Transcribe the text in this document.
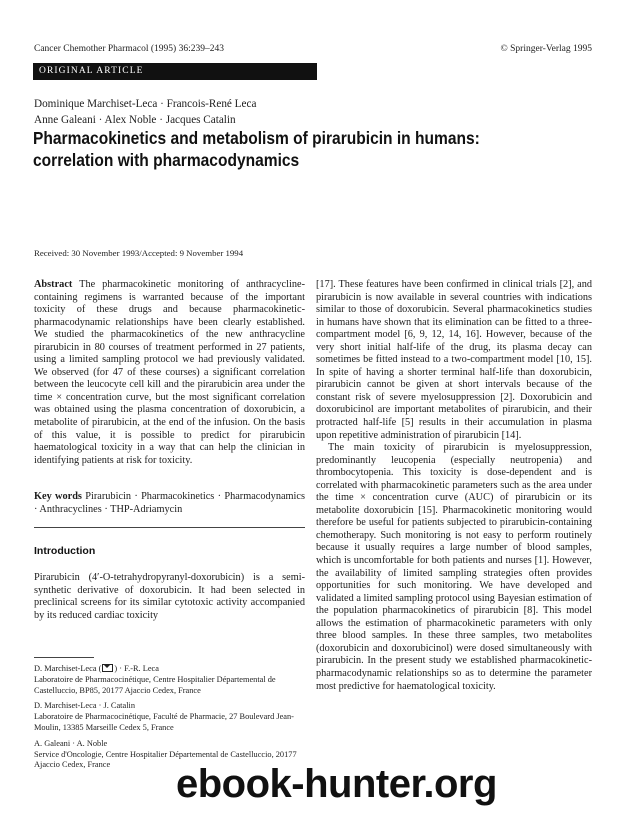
Cancer Chemother Pharmacol (1995) 36:239–243	© Springer-Verlag 1995
ORIGINAL ARTICLE
Dominique Marchiset-Leca · Francois-René Leca
Anne Galeani · Alex Noble · Jacques Catalin
Pharmacokinetics and metabolism of pirarubicin in humans:
correlation with pharmacodynamics
Received: 30 November 1993/Accepted: 9 November 1994

Abstract The pharmacokinetic monitoring of anthracycline-containing regimens is warranted because of the important toxicity of these drugs and because pharmacokinetic-pharmacodynamic relationships have been clearly established. We studied the pharmacokinetics of the new anthracycline pirarubicin in 80 courses of treatment performed in 27 patients, using a limited sampling protocol we had previously validated. We observed (for 47 of these courses) a significant correlation between the leucocyte cell kill and the pirarubicin area under the time × concentration curve, but the most significant correlation was obtained using the plasma concentration of doxorubicin, a metabolite of pirarubicin, at the end of the infusion. On the basis of this value, it is possible to predict for pirarubicin haematological toxicity in a way that can help the clinician in identifying patients at risk for toxicity.

Key words Pirarubicin · Pharmacokinetics · Pharmacodynamics · Anthracyclines · THP-Adriamycin

Introduction

Pirarubicin (4′-O-tetrahydropyranyl-doxorubicin) is a semi-synthetic derivative of doxorubicin. It had been selected in preclinical screens for its similar cytotoxic activity accompanied by its reduced cardiac toxicity

D. Marchiset-Leca ( ) · F.-R. Leca
Laboratoire de Pharmacocinétique, Centre Hospitalier Départemental de Castelluccio, BP85, 20177 Ajaccio Cedex, France

D. Marchiset-Leca · J. Catalin
Laboratoire de Pharmacocinétique, Faculté de Pharmacie, 27 Boulevard Jean-Moulin, 13385 Marseille Cedex 5, France

A. Galeani · A. Noble
Service d'Oncologie, Centre Hospitalier Départemental de Castelluccio, 20177 Ajaccio Cedex, France

[17]. These features have been confirmed in clinical trials [2], and pirarubicin is now available in several countries with indications similar to those of doxorubicin. Several pharmacokinetics studies in humans have shown that its elimination can be fitted to a three-compartment model [6, 9, 12, 14, 16]. However, because of the very short initial half-life of the drug, its plasma decay can sometimes be fitted instead to a two-compartment model [10, 15]. In spite of having a shorter terminal half-life than doxorubicin, pirarubicin cannot be given at short intervals because of the constant risk of severe myelosuppression [2]. Doxorubicin and doxorubicinol are important metabolites of pirarubicin, and their protracted half-life [5] results in their accumulation in plasma upon repetitive administration of pirarubicin [14].

The main toxicity of pirarubicin is myelosuppression, predominantly leucopenia (especially neutropenia) and thrombocytopenia. This toxicity is dose-dependent and is correlated with pharmacokinetic parameters such as the area under the time × concentration curve (AUC) of pirarubicin or its metabolite doxorubicin [15]. Pharmacokinetic monitoring would therefore be useful for patients subjected to pirarubicin-containing chemotherapy. Such monitoring is not easy to perform routinely because it usually requires a large number of blood samples, which is uncomfortable for both patients and nurses [1]. However, the availability of limited sampling strategies often provides opportunities for such monitoring. We have developed and validated a limited sampling protocol using Bayesian estimation of the population pharmacokinetics of pirarubicin [8]. This model allows the estimation of pharmacokinetic parameters with only three blood samples. In these three samples, two metabolites (doxorubicin and doxorubicinol) were dosed simultaneously with pirarubicin. In the present study we established pharmacokinetic-pharmacodynamic relationships so as to determine the parameter most predictive for haematological toxicity.

ebook-hunter.org
